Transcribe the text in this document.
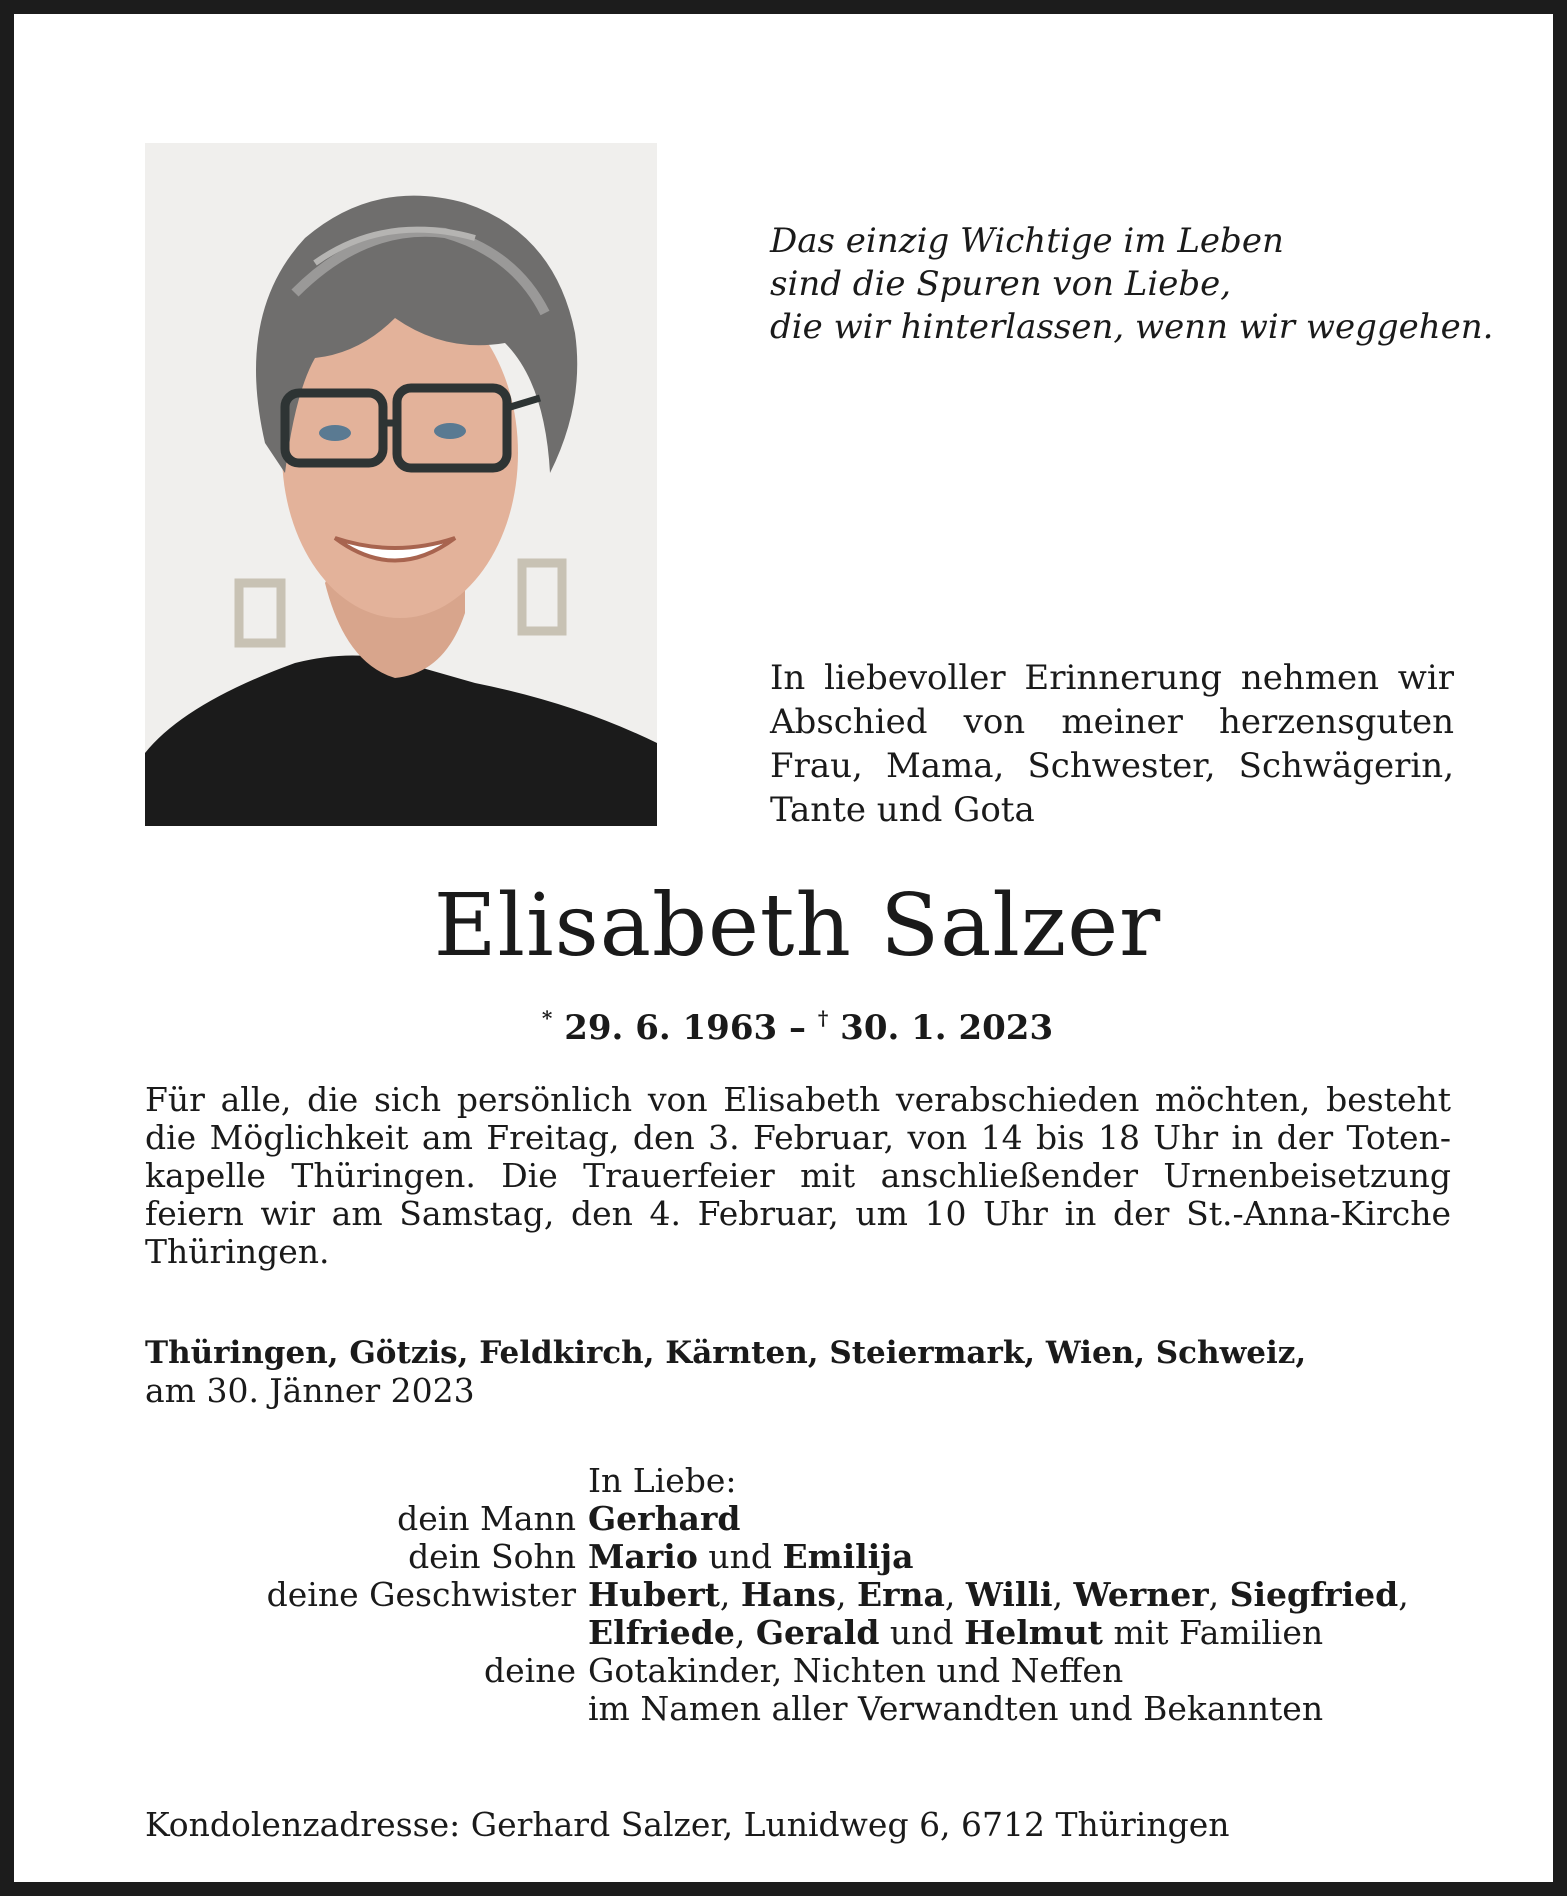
Das einzig Wichtige im Leben
sind die Spuren von Liebe,
die wir hinterlassen, wenn wir weggehen.
In liebevoller Erinnerung nehmen wir Abschied von meiner herzensguten Frau, Mama, Schwester, Schwägerin, Tante und Gota
Elisabeth Salzer
* 29. 6. 1963 – † 30. 1. 2023
Für alle, die sich persönlich von Elisabeth verabschieden möchten, besteht die Möglichkeit am Freitag, den 3. Februar, von 14 bis 18 Uhr in der Totenkapelle Thüringen. Die Trauerfeier mit anschließender Urnenbeisetzung feiern wir am Samstag, den 4. Februar, um 10 Uhr in der St.-Anna-Kirche Thüringen.
Thüringen, Götzis, Feldkirch, Kärnten, Steiermark, Wien, Schweiz,
am 30. Jänner 2023
In Liebe:
dein Mann Gerhard
dein Sohn Mario und Emilija
deine Geschwister Hubert, Hans, Erna, Willi, Werner, Siegfried,
Elfriede, Gerald und Helmut mit Familien
deine Gotakinder, Nichten und Neffen
im Namen aller Verwandten und Bekannten
Kondolenzadresse: Gerhard Salzer, Lunidweg 6, 6712 Thüringen
